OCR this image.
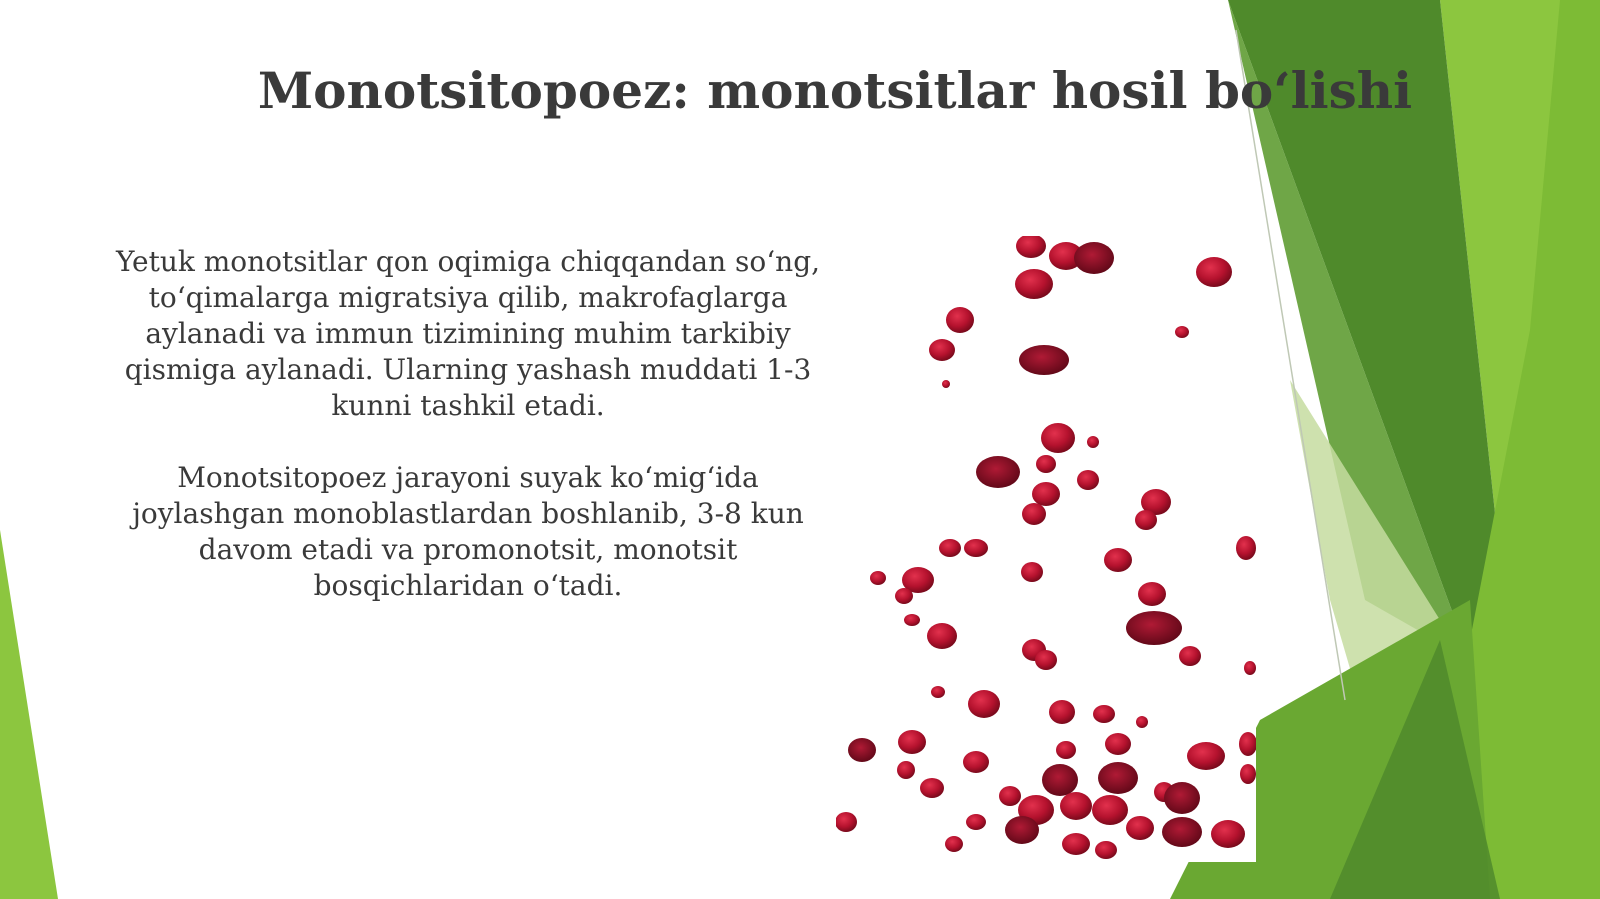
Monotsitopoez: monotsitlar hosil bo‘lishi

Yetuk monotsitlar qon oqimiga chiqqandan so‘ng, to‘qimalarga migratsiya qilib, makrofaglarga aylanadi va immun tizimining muhim tarkibiy qismiga aylanadi. Ularning yashash muddati 1-3 kunni tashkil etadi.

Monotsitopoez jarayoni suyak ko‘mig‘ida joylashgan monoblastlardan boshlanib, 3-8 kun davom etadi va promonotsit, monotsit bosqichlaridan o‘tadi.
